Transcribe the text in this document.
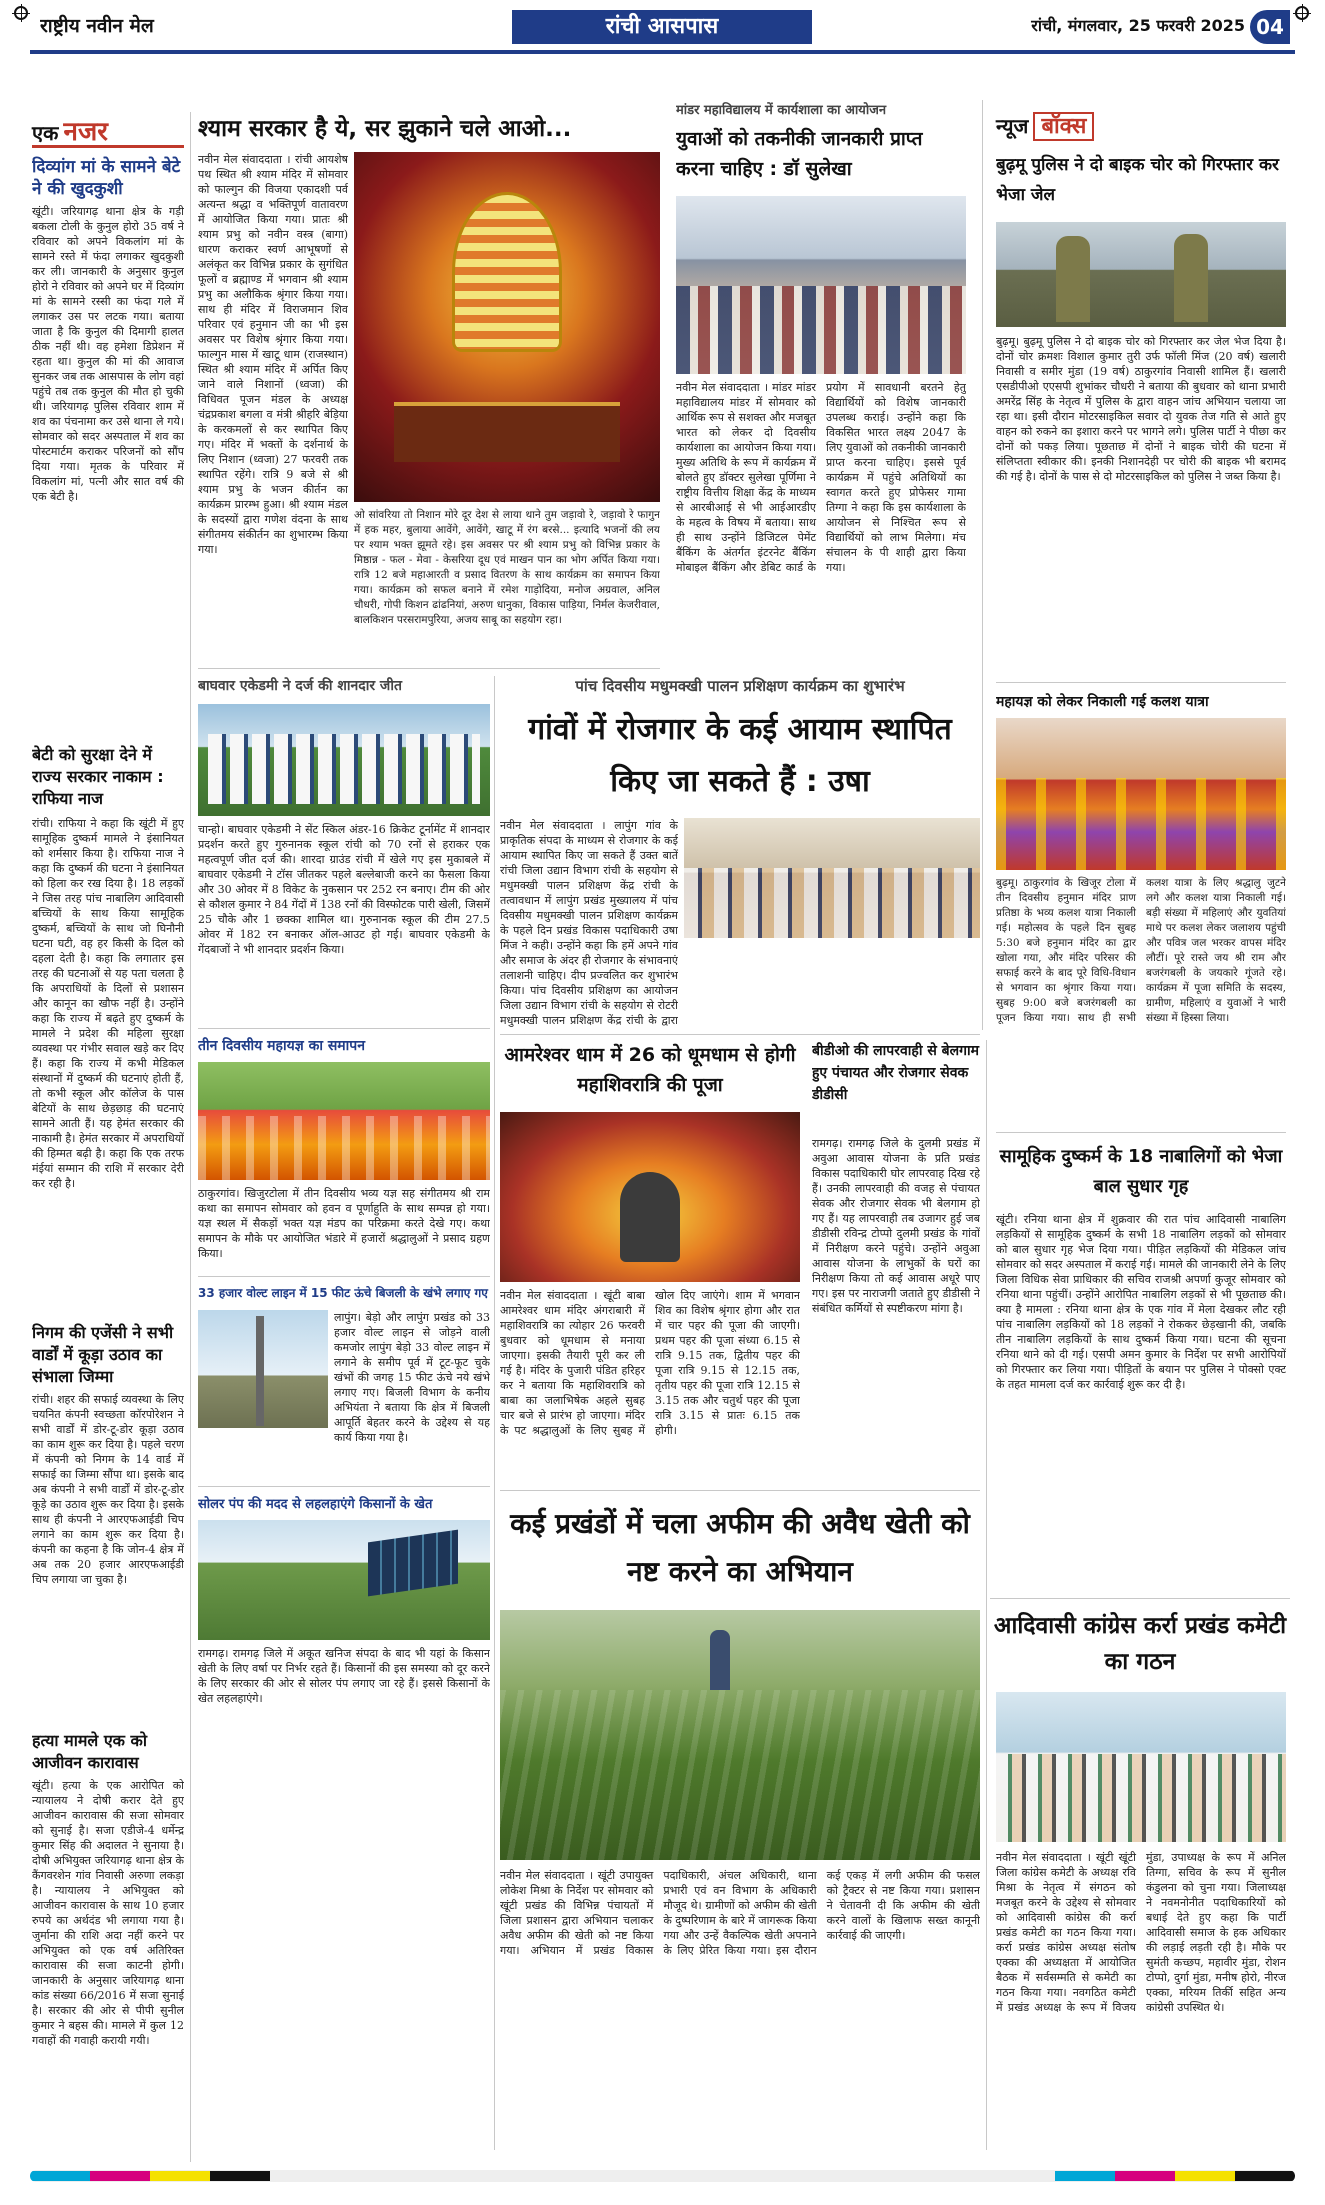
राष्ट्रीय नवीन मेल	रांची आसपास	रांची, मंगलवार, 25 फरवरी 2025 04
एक नजर
दिव्यांग मां के सामने बेटे ने की खुदकुशी
खूंटी। जरियागढ़ थाना क्षेत्र के गड़ी बकला टोली के कुनुल होरो 35 वर्ष ने रविवार को अपने विकलांग मां के सामने रस्ते में फंदा लगाकर खुदकुशी कर ली। जानकारी के अनुसार कुनुल होरो ने रविवार को अपने घर में दिव्यांग मां के सामने रस्सी का फंदा गले में लगाकर उस पर लटक गया। बताया जाता है कि कुनुल की दिमागी हालत ठीक नहीं थी। वह हमेशा डिप्रेशन में रहता था। कुनुल की मां की आवाज सुनकर जब तक आसपास के लोग वहां पहुंचे तब तक कुनुल की मौत हो चुकी थी। जरियागढ़ पुलिस रविवार शाम में शव का पंचनामा कर उसे थाना ले गये। सोमवार को सदर अस्पताल में शव का पोस्टमार्टम कराकर परिजनों को सौंप दिया गया। मृतक के परिवार में विकलांग मां, पत्नी और सात वर्ष की एक बेटी है।
बेटी को सुरक्षा देने में राज्य सरकार नाकाम : राफिया नाज
रांची। राफिया ने कहा कि खूंटी में हुए सामूहिक दुष्कर्म मामले ने इंसानियत को शर्मसार किया है। राफिया नाज ने कहा कि दुष्कर्म की घटना ने इंसानियत को हिला कर रख दिया है। 18 लड़कों ने जिस तरह पांच नाबालिग आदिवासी बच्चियों के साथ किया सामूहिक दुष्कर्म, बच्चियों के साथ जो घिनौनी घटना घटी, वह हर किसी के दिल को दहला देती है। कहा कि लगातार इस तरह की घटनाओं से यह पता चलता है कि अपराधियों के दिलों से प्रशासन और कानून का खौफ नहीं है। उन्होंने कहा कि राज्य में बढ़ते हुए दुष्कर्म के मामले ने प्रदेश की महिला सुरक्षा व्यवस्था पर गंभीर सवाल खड़े कर दिए हैं। कहा कि राज्य में कभी मेडिकल संस्थानों में दुष्कर्म की घटनाएं होती हैं, तो कभी स्कूल और कॉलेज के पास बेटियों के साथ छेड़छाड़ की घटनाएं सामने आती हैं। यह हेमंत सरकार की नाकामी है। हेमंत सरकार में अपराधियों की हिम्मत बढ़ी है। कहा कि एक तरफ मंईयां सम्मान की राशि में सरकार देरी कर रही है।
निगम की एजेंसी ने सभी वार्डों में कूड़ा उठाव का संभाला जिम्मा
रांची। शहर की सफाई व्यवस्था के लिए चयनित कंपनी स्वच्छता कॉरपोरेशन ने सभी वार्डों में डोर-टू-डोर कूड़ा उठाव का काम शुरू कर दिया है। पहले चरण में कंपनी को निगम के 14 वार्ड में सफाई का जिम्मा सौंपा था। इसके बाद अब कंपनी ने सभी वार्डों में डोर-टू-डोर कूड़े का उठाव शुरू कर दिया है। इसके साथ ही कंपनी ने आरएफआईडी चिप लगाने का काम शुरू कर दिया है। कंपनी का कहना है कि जोन-4 क्षेत्र में अब तक 20 हजार आरएफआईडी चिप लगाया जा चुका है।
हत्या मामले एक को आजीवन कारावास
खूंटी। हत्या के एक आरोपित को न्यायालय ने दोषी करार देते हुए आजीवन कारावास की सजा सोमवार को सुनाई है। सजा एडीजे-4 धर्मेन्द्र कुमार सिंह की अदालत ने सुनाया है। दोषी अभियुक्त जरियागढ़ थाना क्षेत्र के कैंगवरशेन गांव निवासी अरुणा लकड़ा है। न्यायालय ने अभियुक्त को आजीवन कारावास के साथ 10 हजार रुपये का अर्थदंड भी लगाया गया है। जुर्माना की राशि अदा नहीं करने पर अभियुक्त को एक वर्ष अतिरिक्त कारावास की सजा काटनी होगी। जानकारी के अनुसार जरियागढ़ थाना कांड संख्या 66/2016 में सजा सुनाई है। सरकार की ओर से पीपी सुनील कुमार ने बहस की। मामले में कुल 12 गवाहों की गवाही करायी गयी।
श्याम सरकार है ये, सर झुकाने चले आओ...
नवीन मेल संवाददाता । रांची आयशेष पथ स्थित श्री श्याम मंदिर में सोमवार को फाल्गुन की विजया एकादशी पर्व अत्यन्त श्रद्धा व भक्तिपूर्ण वातावरण में आयोजित किया गया। प्रातः श्री श्याम प्रभु को नवीन वस्त्र (बागा) धारण कराकर स्वर्ण आभूषणों से अलंकृत कर विभिन्न प्रकार के सुगंधित फूलों व ब्रह्माण्ड में भगवान श्री श्याम प्रभु का अलौकिक श्रृंगार किया गया। साथ ही मंदिर में विराजमान शिव परिवार एवं हनुमान जी का भी इस अवसर पर विशेष श्रृंगार किया गया। फाल्गुन मास में खाटू धाम (राजस्थान) स्थित श्री श्याम मंदिर में अर्पित किए जाने वाले निशानों (ध्वजा) की विधिवत पूजन मंडल के अध्यक्ष चंद्रप्रकाश बगला व मंत्री श्रीहरि बेड़िया के करकमलों से कर स्थापित किए गए। मंदिर में भक्तों के दर्शनार्थ के लिए निशान (ध्वजा) 27 फरवरी तक स्थापित रहेंगे। रात्रि 9 बजे से श्री श्याम प्रभु के भजन कीर्तन का कार्यक्रम प्रारम्भ हुआ। श्री श्याम मंडल के सदस्यों द्वारा गणेश वंदना के साथ संगीतमय संकीर्तन का शुभारम्भ किया गया।
ओ सांवरिया तो निशान मोरे दूर देश से लाया थाने तुम जड़ावो रे, जड़ावो रे फागुन में हक महर, बुलाया आवेंगे, आवेंगे, खाटू में रंग बरसे... इत्यादि भजनों की लय पर श्याम भक्त झूमते रहे। इस अवसर पर श्री श्याम प्रभु को विभिन्न प्रकार के मिष्ठान्न - फल - मेवा - केसरिया दूध एवं माखन पान का भोग अर्पित किया गया। रात्रि 12 बजे महाआरती व प्रसाद वितरण के साथ कार्यक्रम का समापन किया गया। कार्यक्रम को सफल बनाने में रमेश गाड़ोदिया, मनोज अग्रवाल, अनिल चौधरी, गोपी किशन ढांढनियां, अरुण धानुका, विकास पाड़िया, निर्मल केजरीवाल, बालकिशन परसरामपुरिया, अजय साबू का सहयोग रहा।
मांडर महाविद्यालय में कार्यशाला का आयोजन
युवाओं को तकनीकी जानकारी प्राप्त करना चाहिए : डॉ सुलेखा
नवीन मेल संवाददाता । मांडर मांडर महाविद्यालय मांडर में सोमवार को आर्थिक रूप से सशक्त और मजबूत भारत को लेकर दो दिवसीय कार्यशाला का आयोजन किया गया। मुख्य अतिथि के रूप में कार्यक्रम में बोलते हुए डॉक्टर सुलेखा पूर्णिमा ने राष्ट्रीय वित्तीय शिक्षा केंद्र के माध्यम से आरबीआई से भी आईआरडीए के महत्व के विषय में बताया। साथ ही साथ उन्होंने डिजिटल पेमेंट बैंकिंग के अंतर्गत इंटरनेट बैंकिंग मोबाइल बैंकिंग और डेबिट कार्ड के प्रयोग में सावधानी बरतने हेतु विद्यार्थियों को विशेष जानकारी उपलब्ध कराई। उन्होंने कहा कि विकसित भारत लक्ष्य 2047 के लिए युवाओं को तकनीकी जानकारी प्राप्त करना चाहिए। इससे पूर्व कार्यक्रम में पहुंचे अतिथियों का स्वागत करते हुए प्रोफेसर गामा तिग्गा ने कहा कि इस कार्यशाला के आयोजन से निश्चित रूप से विद्यार्थियों को लाभ मिलेगा। मंच संचालन के पी शाही द्वारा किया गया।
न्यूज बॉक्स
बुढ़मू पुलिस ने दो बाइक चोर को गिरफ्तार कर भेजा जेल
बुढ़मू। बुढ़मू पुलिस ने दो बाइक चोर को गिरफ्तार कर जेल भेज दिया है। दोनों चोर क्रमशः विशाल कुमार तुरी उर्फ फॉली मिंज (20 वर्ष) खलारी निवासी व समीर मुंडा (19 वर्ष) ठाकुरगांव निवासी शामिल हैं। खलारी एसडीपीओ एएसपी शुभांकर चौधरी ने बताया की बुधवार को थाना प्रभारी अमरेंद्र सिंह के नेतृत्व में पुलिस के द्वारा वाहन जांच अभियान चलाया जा रहा था। इसी दौरान मोटरसाइकिल सवार दो युवक तेज गति से आते हुए वाहन को रुकने का इशारा करने पर भागने लगे। पुलिस पार्टी ने पीछा कर दोनों को पकड़ लिया। पूछताछ में दोनों ने बाइक चोरी की घटना में संलिप्तता स्वीकार की। इनकी निशानदेही पर चोरी की बाइक भी बरामद की गई है। दोनों के पास से दो मोटरसाइकिल को पुलिस ने जब्त किया है।
महायज्ञ को लेकर निकाली गई कलश यात्रा
बुढ़मू। ठाकुरगांव के खिजूर टोला में तीन दिवसीय हनुमान मंदिर प्राण प्रतिष्ठा के भव्य कलश यात्रा निकाली गई। महोत्सव के पहले दिन सुबह 5:30 बजे हनुमान मंदिर का द्वार खोला गया, और मंदिर परिसर की सफाई करने के बाद पूरे विधि-विधान से भगवान का श्रृंगार किया गया। सुबह 9:00 बजे बजरंगबली का पूजन किया गया। साथ ही सभी कलश यात्रा के लिए श्रद्धालु जुटने लगे और कलश यात्रा निकाली गई। बड़ी संख्या में महिलाएं और युवतियां माथे पर कलश लेकर जलाशय पहुंची और पवित्र जल भरकर वापस मंदिर लौटीं। पूरे रास्ते जय श्री राम और बजरंगबली के जयकारे गूंजते रहे। कार्यक्रम में पूजा समिति के सदस्य, ग्रामीण, महिलाएं व युवाओं ने भारी संख्या में हिस्सा लिया।
सामूहिक दुष्कर्म के 18 नाबालिगों को भेजा बाल सुधार गृह
खूंटी। रनिया थाना क्षेत्र में शुक्रवार की रात पांच आदिवासी नाबालिग लड़कियों से सामूहिक दुष्कर्म के सभी 18 नाबालिग लड़कों को सोमवार को बाल सुधार गृह भेज दिया गया। पीड़ित लड़कियों की मेडिकल जांच सोमवार को सदर अस्पताल में कराई गई। मामले की जानकारी लेने के लिए जिला विधिक सेवा प्राधिकार की सचिव राजश्री अपर्णा कुजूर सोमवार को रनिया थाना पहुंचीं। उन्होंने आरोपित नाबालिग लड़कों से भी पूछताछ की। क्या है मामला : रनिया थाना क्षेत्र के एक गांव में मेला देखकर लौट रही पांच नाबालिग लड़कियों को 18 लड़कों ने रोककर छेड़खानी की, जबकि तीन नाबालिग लड़कियों के साथ दुष्कर्म किया गया। घटना की सूचना रनिया थाने को दी गई। एसपी अमन कुमार के निर्देश पर सभी आरोपियों को गिरफ्तार कर लिया गया। पीड़ितों के बयान पर पुलिस ने पोक्सो एक्ट के तहत मामला दर्ज कर कार्रवाई शुरू कर दी है।
आदिवासी कांग्रेस कर्रा प्रखंड कमेटी का गठन
नवीन मेल संवाददाता । खूंटी खूंटी जिला कांग्रेस कमेटी के अध्यक्ष रवि मिश्रा के नेतृत्व में संगठन को मजबूत करने के उद्देश्य से सोमवार को आदिवासी कांग्रेस की कर्रा प्रखंड कमेटी का गठन किया गया। कर्रा प्रखंड कांग्रेस अध्यक्ष संतोष एक्का की अध्यक्षता में आयोजित बैठक में सर्वसम्मति से कमेटी का गठन किया गया। नवगठित कमेटी में प्रखंड अध्यक्ष के रूप में विजय मुंडा, उपाध्यक्ष के रूप में अनिल तिग्गा, सचिव के रूप में सुनील कंडुलना को चुना गया। जिलाध्यक्ष ने नवमनोनीत पदाधिकारियों को बधाई देते हुए कहा कि पार्टी आदिवासी समाज के हक अधिकार की लड़ाई लड़ती रही है। मौके पर सुमंती कच्छप, महावीर मुंडा, रोशन टोप्पो, दुर्गा मुंडा, मनीष होरो, नीरज एक्का, मरियम तिर्की सहित अन्य कांग्रेसी उपस्थित थे।
बाघवार एकेडमी ने दर्ज की शानदार जीत
चान्हो। बाघवार एकेडमी ने सेंट स्किल अंडर-16 क्रिकेट टूर्नामेंट में शानदार प्रदर्शन करते हुए गुरुनानक स्कूल रांची को 70 रनों से हराकर एक महत्वपूर्ण जीत दर्ज की। शारदा ग्राउंड रांची में खेले गए इस मुकाबले में बाघवार एकेडमी ने टॉस जीतकर पहले बल्लेबाजी करने का फैसला किया और 30 ओवर में 8 विकेट के नुकसान पर 252 रन बनाए। टीम की ओर से कौशल कुमार ने 84 गेंदों में 138 रनों की विस्फोटक पारी खेली, जिसमें 25 चौके और 1 छक्का शामिल था। गुरुनानक स्कूल की टीम 27.5 ओवर में 182 रन बनाकर ऑल-आउट हो गई। बाघवार एकेडमी के गेंदबाजों ने भी शानदार प्रदर्शन किया।
तीन दिवसीय महायज्ञ का समापन
ठाकुरगांव। खिजुरटोला में तीन दिवसीय भव्य यज्ञ सह संगीतमय श्री राम कथा का समापन सोमवार को हवन व पूर्णाहुति के साथ सम्पन्न हो गया। यज्ञ स्थल में सैकड़ों भक्त यज्ञ मंडप का परिक्रमा करते देखे गए। कथा समापन के मौके पर आयोजित भंडारे में हजारों श्रद्धालुओं ने प्रसाद ग्रहण किया।
33 हजार वोल्ट लाइन में 15 फीट ऊंचे बिजली के खंभे लगाए गए
लापुंग। बेड़ो और लापुंग प्रखंड को 33 हजार वोल्ट लाइन से जोड़ने वाली कमजोर लापुंग बेड़ो 33 वोल्ट लाइन में लगाने के समीप पूर्व में टूट-फूट चुके खंभों की जगह 15 फीट ऊंचे नये खंभे लगाए गए। बिजली विभाग के कनीय अभियंता ने बताया कि क्षेत्र में बिजली आपूर्ति बेहतर करने के उद्देश्य से यह कार्य किया गया है।
सोलर पंप की मदद से लहलहाएंगे किसानों के खेत
रामगढ़। रामगढ़ जिले में अकूत खनिज संपदा के बाद भी यहां के किसान खेती के लिए वर्षा पर निर्भर रहते हैं। किसानों की इस समस्या को दूर करने के लिए सरकार की ओर से सोलर पंप लगाए जा रहे हैं। इससे किसानों के खेत लहलहाएंगे।
पांच दिवसीय मधुमक्खी पालन प्रशिक्षण कार्यक्रम का शुभारंभ
गांवों में रोजगार के कई आयाम स्थापित किए जा सकते हैं : उषा
नवीन मेल संवाददाता । लापुंग गांव के प्राकृतिक संपदा के माध्यम से रोजगार के कई आयाम स्थापित किए जा सकते हैं उक्त बातें रांची जिला उद्यान विभाग रांची के सहयोग से मधुमक्खी पालन प्रशिक्षण केंद्र रांची के तत्वावधान में लापुंग प्रखंड मुख्यालय में पांच दिवसीय मधुमक्खी पालन प्रशिक्षण कार्यक्रम के पहले दिन प्रखंड विकास पदाधिकारी उषा मिंज ने कही। उन्होंने कहा कि हमें अपने गांव और समाज के अंदर ही रोजगार के संभावनाएं तलाशनी चाहिए। दीप प्रज्वलित कर शुभारंभ किया। पांच दिवसीय प्रशिक्षण का आयोजन जिला उद्यान विभाग रांची के सहयोग से रोटरी मधुमक्खी पालन प्रशिक्षण केंद्र रांची के द्वारा
आमरेश्वर धाम में 26 को धूमधाम से होगी महाशिवरात्रि की पूजा
नवीन मेल संवाददाता । खूंटी बाबा आमरेश्वर धाम मंदिर अंगराबारी में महाशिवरात्रि का त्योहार 26 फरवरी बुधवार को धूमधाम से मनाया जाएगा। इसकी तैयारी पूरी कर ली गई है। मंदिर के पुजारी पंडित हरिहर कर ने बताया कि महाशिवरात्रि को बाबा का जलाभिषेक अहले सुबह चार बजे से प्रारंभ हो जाएगा। मंदिर के पट श्रद्धालुओं के लिए सुबह में खोल दिए जाएंगे। शाम में भगवान शिव का विशेष श्रृंगार होगा और रात में चार पहर की पूजा की जाएगी। प्रथम पहर की पूजा संध्या 6.15 से रात्रि 9.15 तक, द्वितीय पहर की पूजा रात्रि 9.15 से 12.15 तक, तृतीय पहर की पूजा रात्रि 12.15 से 3.15 तक और चतुर्थ पहर की पूजा रात्रि 3.15 से प्रातः 6.15 तक होगी।
बीडीओ की लापरवाही से बेलगाम हुए पंचायत और रोजगार सेवक डीडीसी
रामगढ़। रामगढ़ जिले के दुलमी प्रखंड में अवुआ आवास योजना के प्रति प्रखंड विकास पदाधिकारी घोर लापरवाह दिख रहे हैं। उनकी लापरवाही की वजह से पंचायत सेवक और रोजगार सेवक भी बेलगाम हो गए हैं। यह लापरवाही तब उजागर हुई जब डीडीसी रविन्द्र टोप्पो दुलमी प्रखंड के गांवों में निरीक्षण करने पहुंचे। उन्होंने अवुआ आवास योजना के लाभुकों के घरों का निरीक्षण किया तो कई आवास अधूरे पाए गए। इस पर नाराजगी जताते हुए डीडीसी ने संबंधित कर्मियों से स्पष्टीकरण मांगा है।
कई प्रखंडों में चला अफीम की अवैध खेती को नष्ट करने का अभियान
नवीन मेल संवाददाता । खूंटी उपायुक्त लोकेश मिश्रा के निर्देश पर सोमवार को खूंटी प्रखंड की विभिन्न पंचायतों में जिला प्रशासन द्वारा अभियान चलाकर अवैध अफीम की खेती को नष्ट किया गया। अभियान में प्रखंड विकास पदाधिकारी, अंचल अधिकारी, थाना प्रभारी एवं वन विभाग के अधिकारी मौजूद थे। ग्रामीणों को अफीम की खेती के दुष्परिणाम के बारे में जागरूक किया गया और उन्हें वैकल्पिक खेती अपनाने के लिए प्रेरित किया गया। इस दौरान कई एकड़ में लगी अफीम की फसल को ट्रैक्टर से नष्ट किया गया। प्रशासन ने चेतावनी दी कि अफीम की खेती करने वालों के खिलाफ सख्त कानूनी कार्रवाई की जाएगी।
